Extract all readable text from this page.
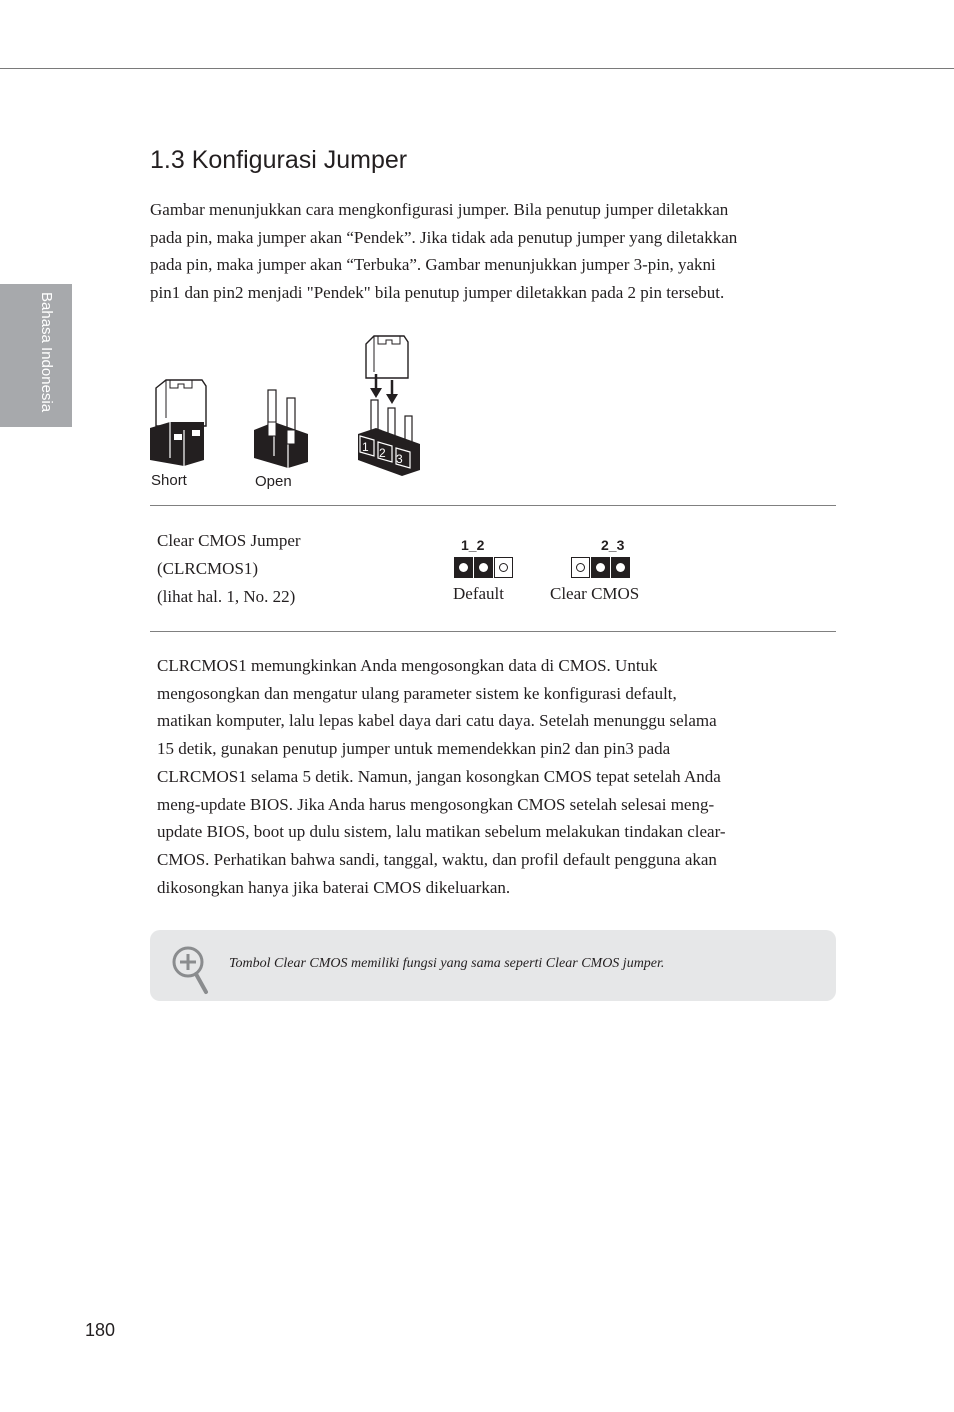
Bahasa Indonesia
1.3 Konfigurasi Jumper

Gambar menunjukkan cara mengkonfigurasi jumper. Bila penutup jumper diletakkan
pada pin, maka jumper akan “Pendek”. Jika tidak ada penutup jumper yang diletakkan
pada pin, maka jumper akan “Terbuka”. Gambar menunjukkan jumper 3-pin, yakni
pin1 dan pin2 menjadi "Pendek" bila penutup jumper diletakkan pada 2 pin tersebut.

1 2 3
Short	Open
Clear CMOS Jumper
(CLRCMOS1)
(lihat hal. 1, No. 22)
1_2
Default
2_3
Clear CMOS

CLRCMOS1 memungkinkan Anda mengosongkan data di CMOS. Untuk
mengosongkan dan mengatur ulang parameter sistem ke konfigurasi default,
matikan komputer, lalu lepas kabel daya dari catu daya. Setelah menunggu selama
15 detik, gunakan penutup jumper untuk memendekkan pin2 dan pin3 pada
CLRCMOS1 selama 5 detik. Namun, jangan kosongkan CMOS tepat setelah Anda
meng-update BIOS. Jika Anda harus mengosongkan CMOS setelah selesai meng-
update BIOS, boot up dulu sistem, lalu matikan sebelum melakukan tindakan clear-
CMOS. Perhatikan bahwa sandi, tanggal, waktu, dan profil default pengguna akan
dikosongkan hanya jika baterai CMOS dikeluarkan.

Tombol Clear CMOS memiliki fungsi yang sama seperti Clear CMOS jumper.
180
